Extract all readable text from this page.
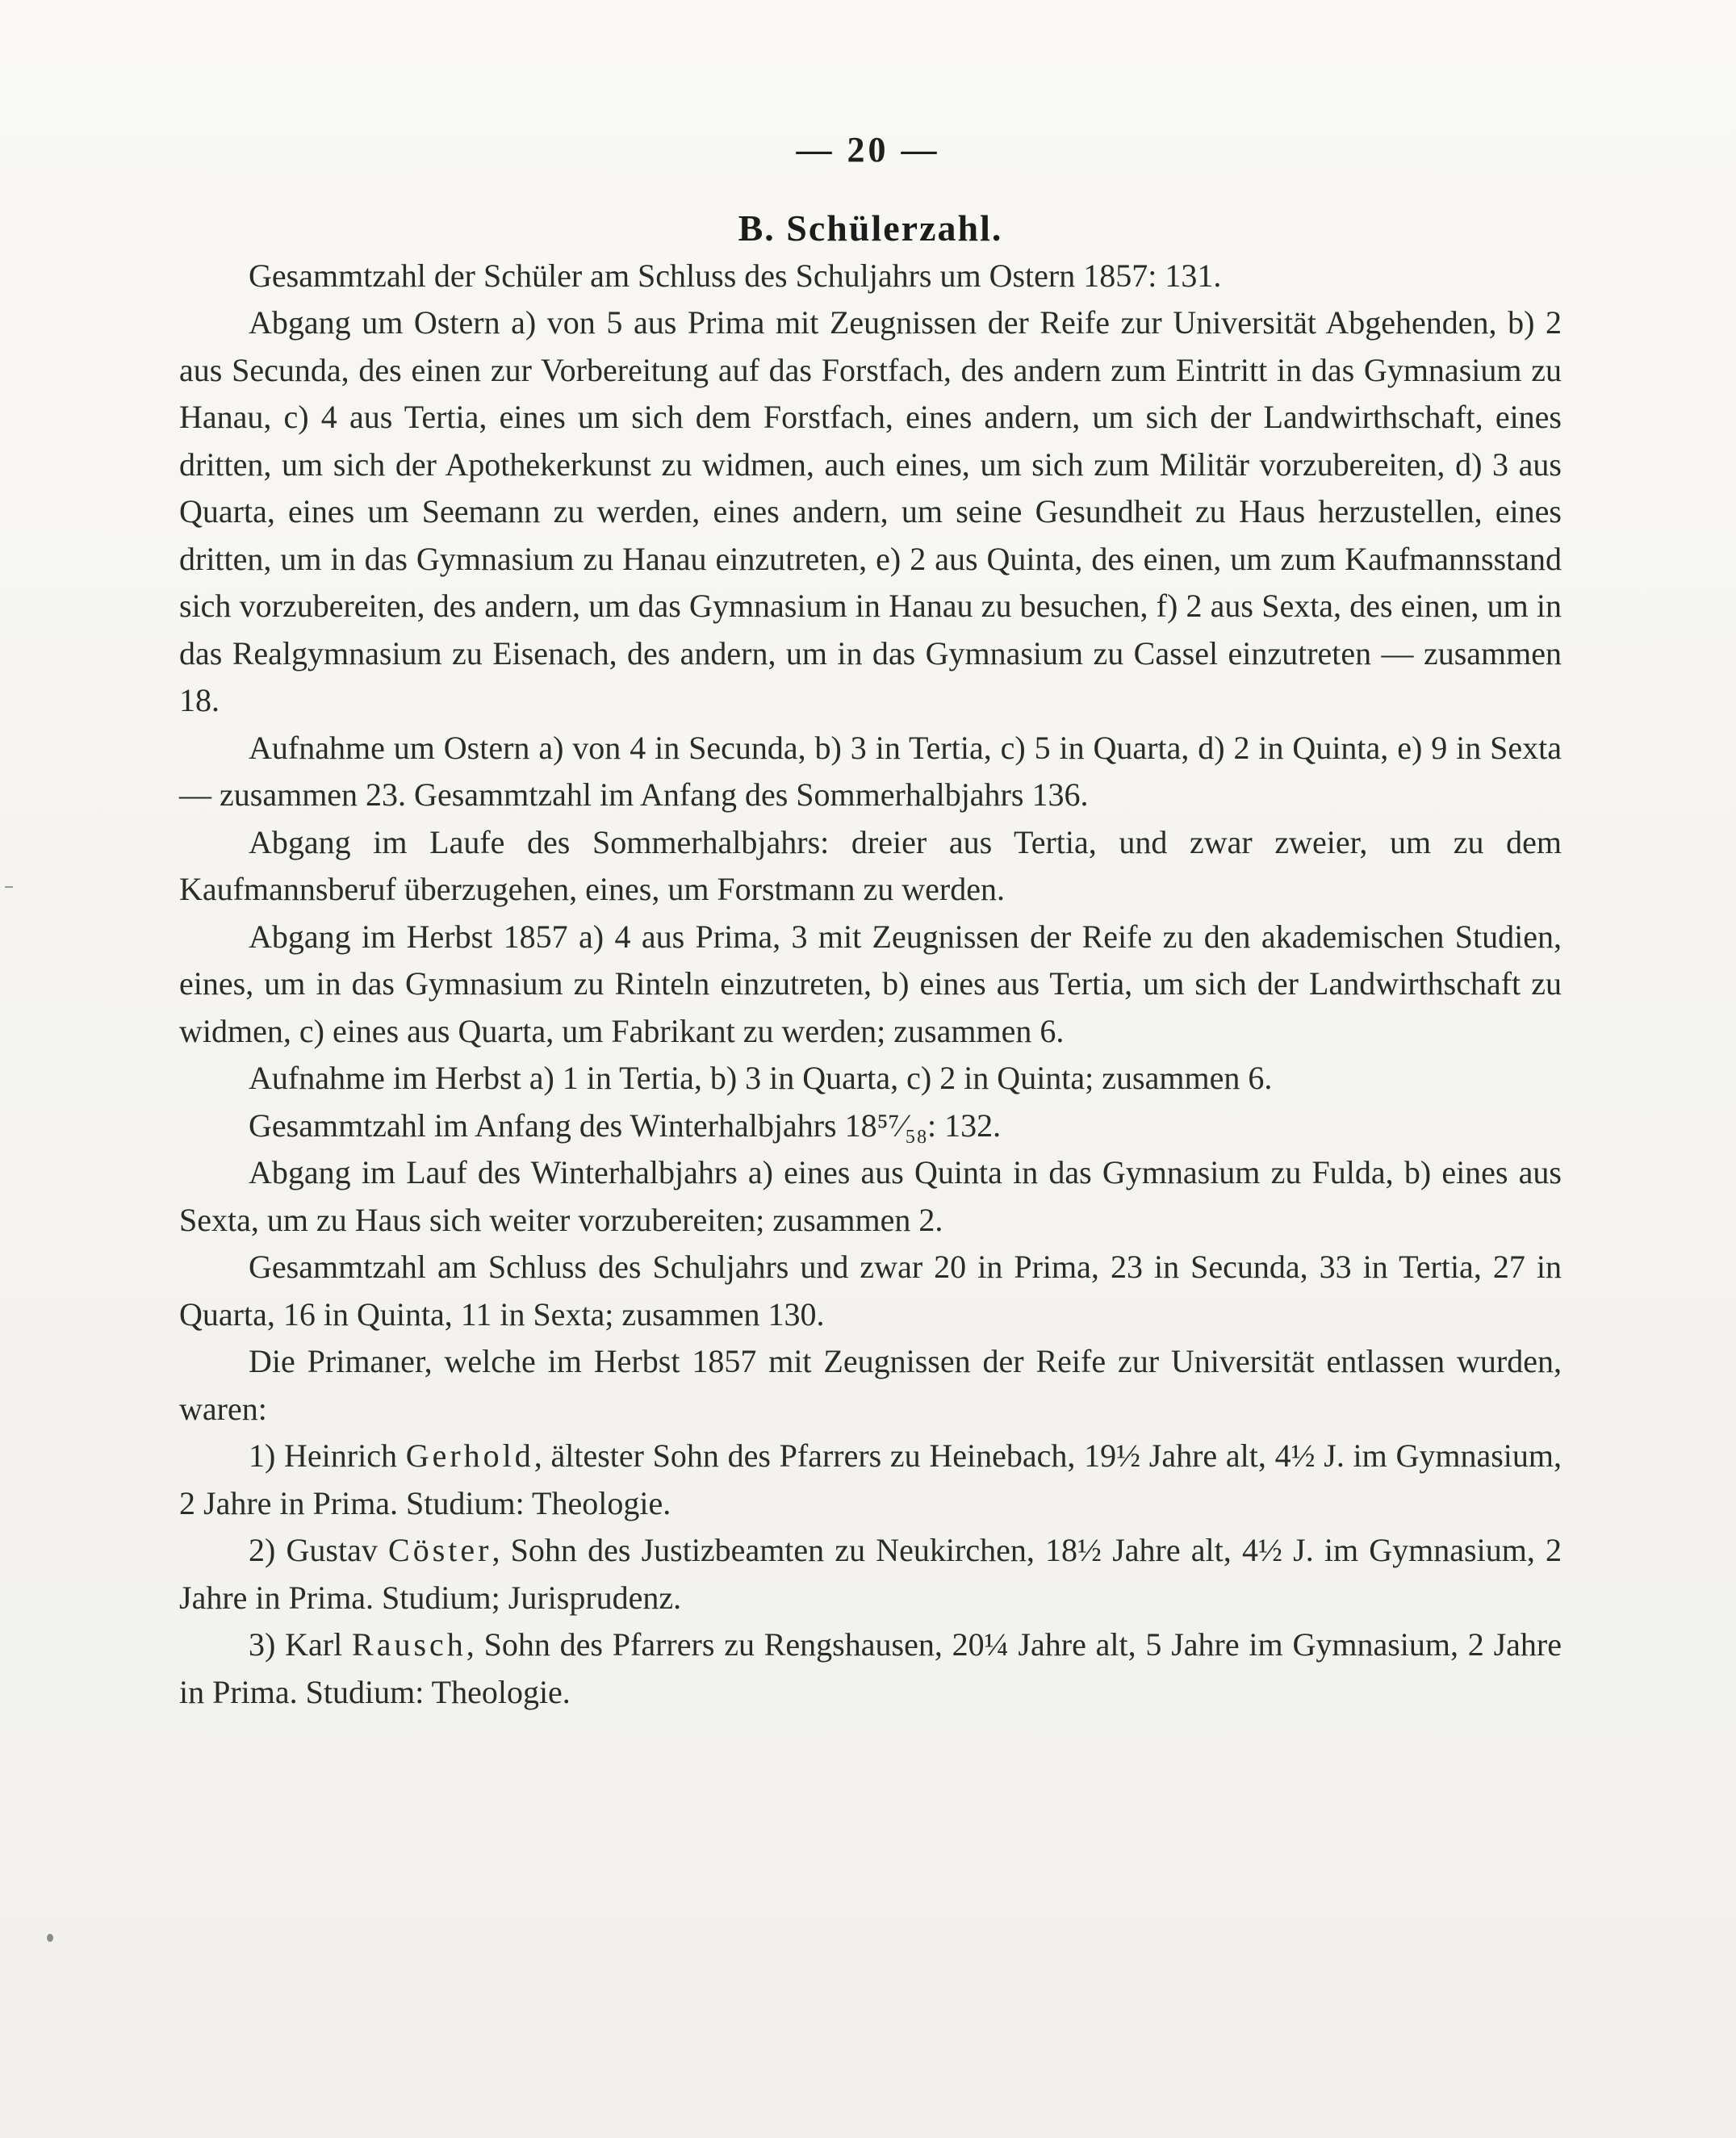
— 20 —
B. Schülerzahl.

Gesammtzahl der Schüler am Schluss des Schuljahrs um Ostern 1857: 131.

Abgang um Ostern a) von 5 aus Prima mit Zeugnissen der Reife zur Universität Abgehenden, b) 2 aus Secunda, des einen zur Vorbereitung auf das Forstfach, des andern zum Eintritt in das Gymnasium zu Hanau, c) 4 aus Tertia, eines um sich dem Forstfach, eines andern, um sich der Landwirthschaft, eines dritten, um sich der Apothekerkunst zu widmen, auch eines, um sich zum Militär vorzubereiten, d) 3 aus Quarta, eines um Seemann zu werden, eines andern, um seine Gesundheit zu Haus herzustellen, eines dritten, um in das Gymnasium zu Hanau einzutreten, e) 2 aus Quinta, des einen, um zum Kaufmannsstand sich vorzubereiten, des andern, um das Gymnasium in Hanau zu besuchen, f) 2 aus Sexta, des einen, um in das Realgymnasium zu Eisenach, des andern, um in das Gymnasium zu Cassel einzutreten — zusammen 18.

Aufnahme um Ostern a) von 4 in Secunda, b) 3 in Tertia, c) 5 in Quarta, d) 2 in Quinta, e) 9 in Sexta — zusammen 23. Gesammtzahl im Anfang des Sommerhalbjahrs 136.

Abgang im Laufe des Sommerhalbjahrs: dreier aus Tertia, und zwar zweier, um zu dem Kaufmannsberuf überzugehen, eines, um Forstmann zu werden.

Abgang im Herbst 1857 a) 4 aus Prima, 3 mit Zeugnissen der Reife zu den akademischen Studien, eines, um in das Gymnasium zu Rinteln einzutreten, b) eines aus Tertia, um sich der Landwirthschaft zu widmen, c) eines aus Quarta, um Fabrikant zu werden; zusammen 6.

Aufnahme im Herbst a) 1 in Tertia, b) 3 in Quarta, c) 2 in Quinta; zusammen 6.

Gesammtzahl im Anfang des Winterhalbjahrs 18⁵⁷⁄₅₈: 132.

Abgang im Lauf des Winterhalbjahrs a) eines aus Quinta in das Gymnasium zu Fulda, b) eines aus Sexta, um zu Haus sich weiter vorzubereiten; zusammen 2.

Gesammtzahl am Schluss des Schuljahrs und zwar 20 in Prima, 23 in Secunda, 33 in Tertia, 27 in Quarta, 16 in Quinta, 11 in Sexta; zusammen 130.

Die Primaner, welche im Herbst 1857 mit Zeugnissen der Reife zur Universität entlassen wurden, waren:

1) Heinrich Gerhold, ältester Sohn des Pfarrers zu Heinebach, 19½ Jahre alt, 4½ J. im Gymnasium, 2 Jahre in Prima. Studium: Theologie.

2) Gustav Cöster, Sohn des Justizbeamten zu Neukirchen, 18½ Jahre alt, 4½ J. im Gymnasium, 2 Jahre in Prima. Studium; Jurisprudenz.

3) Karl Rausch, Sohn des Pfarrers zu Rengshausen, 20¼ Jahre alt, 5 Jahre im Gymnasium, 2 Jahre in Prima. Studium: Theologie.
